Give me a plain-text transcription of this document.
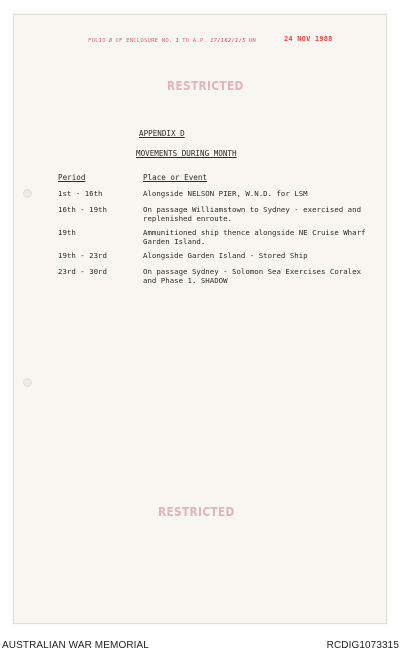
FOLIO 8 OF ENCLOSURE NO. 1 TO A.P. 17/162/1/5 ON	24 NOV 1988
RESTRICTED
APPENDIX D
MOVEMENTS DURING MONTH
Period	Place or Event
1st - 16th	Alongside NELSON PIER, W.N.D. for LSM
16th - 19th	On passage Williamstown to Sydney - exercised and replenished enroute.
19th	Ammunitioned ship thence alongside NE Cruise Wharf Garden Island.
19th - 23rd	Alongside Garden Island - Stored Ship
23rd - 30rd	On passage Sydney - Solomon Sea Exercises Coralex and Phase 1. SHADOW
RESTRICTED
AUSTRALIAN WAR MEMORIAL	RCDIG1073315
